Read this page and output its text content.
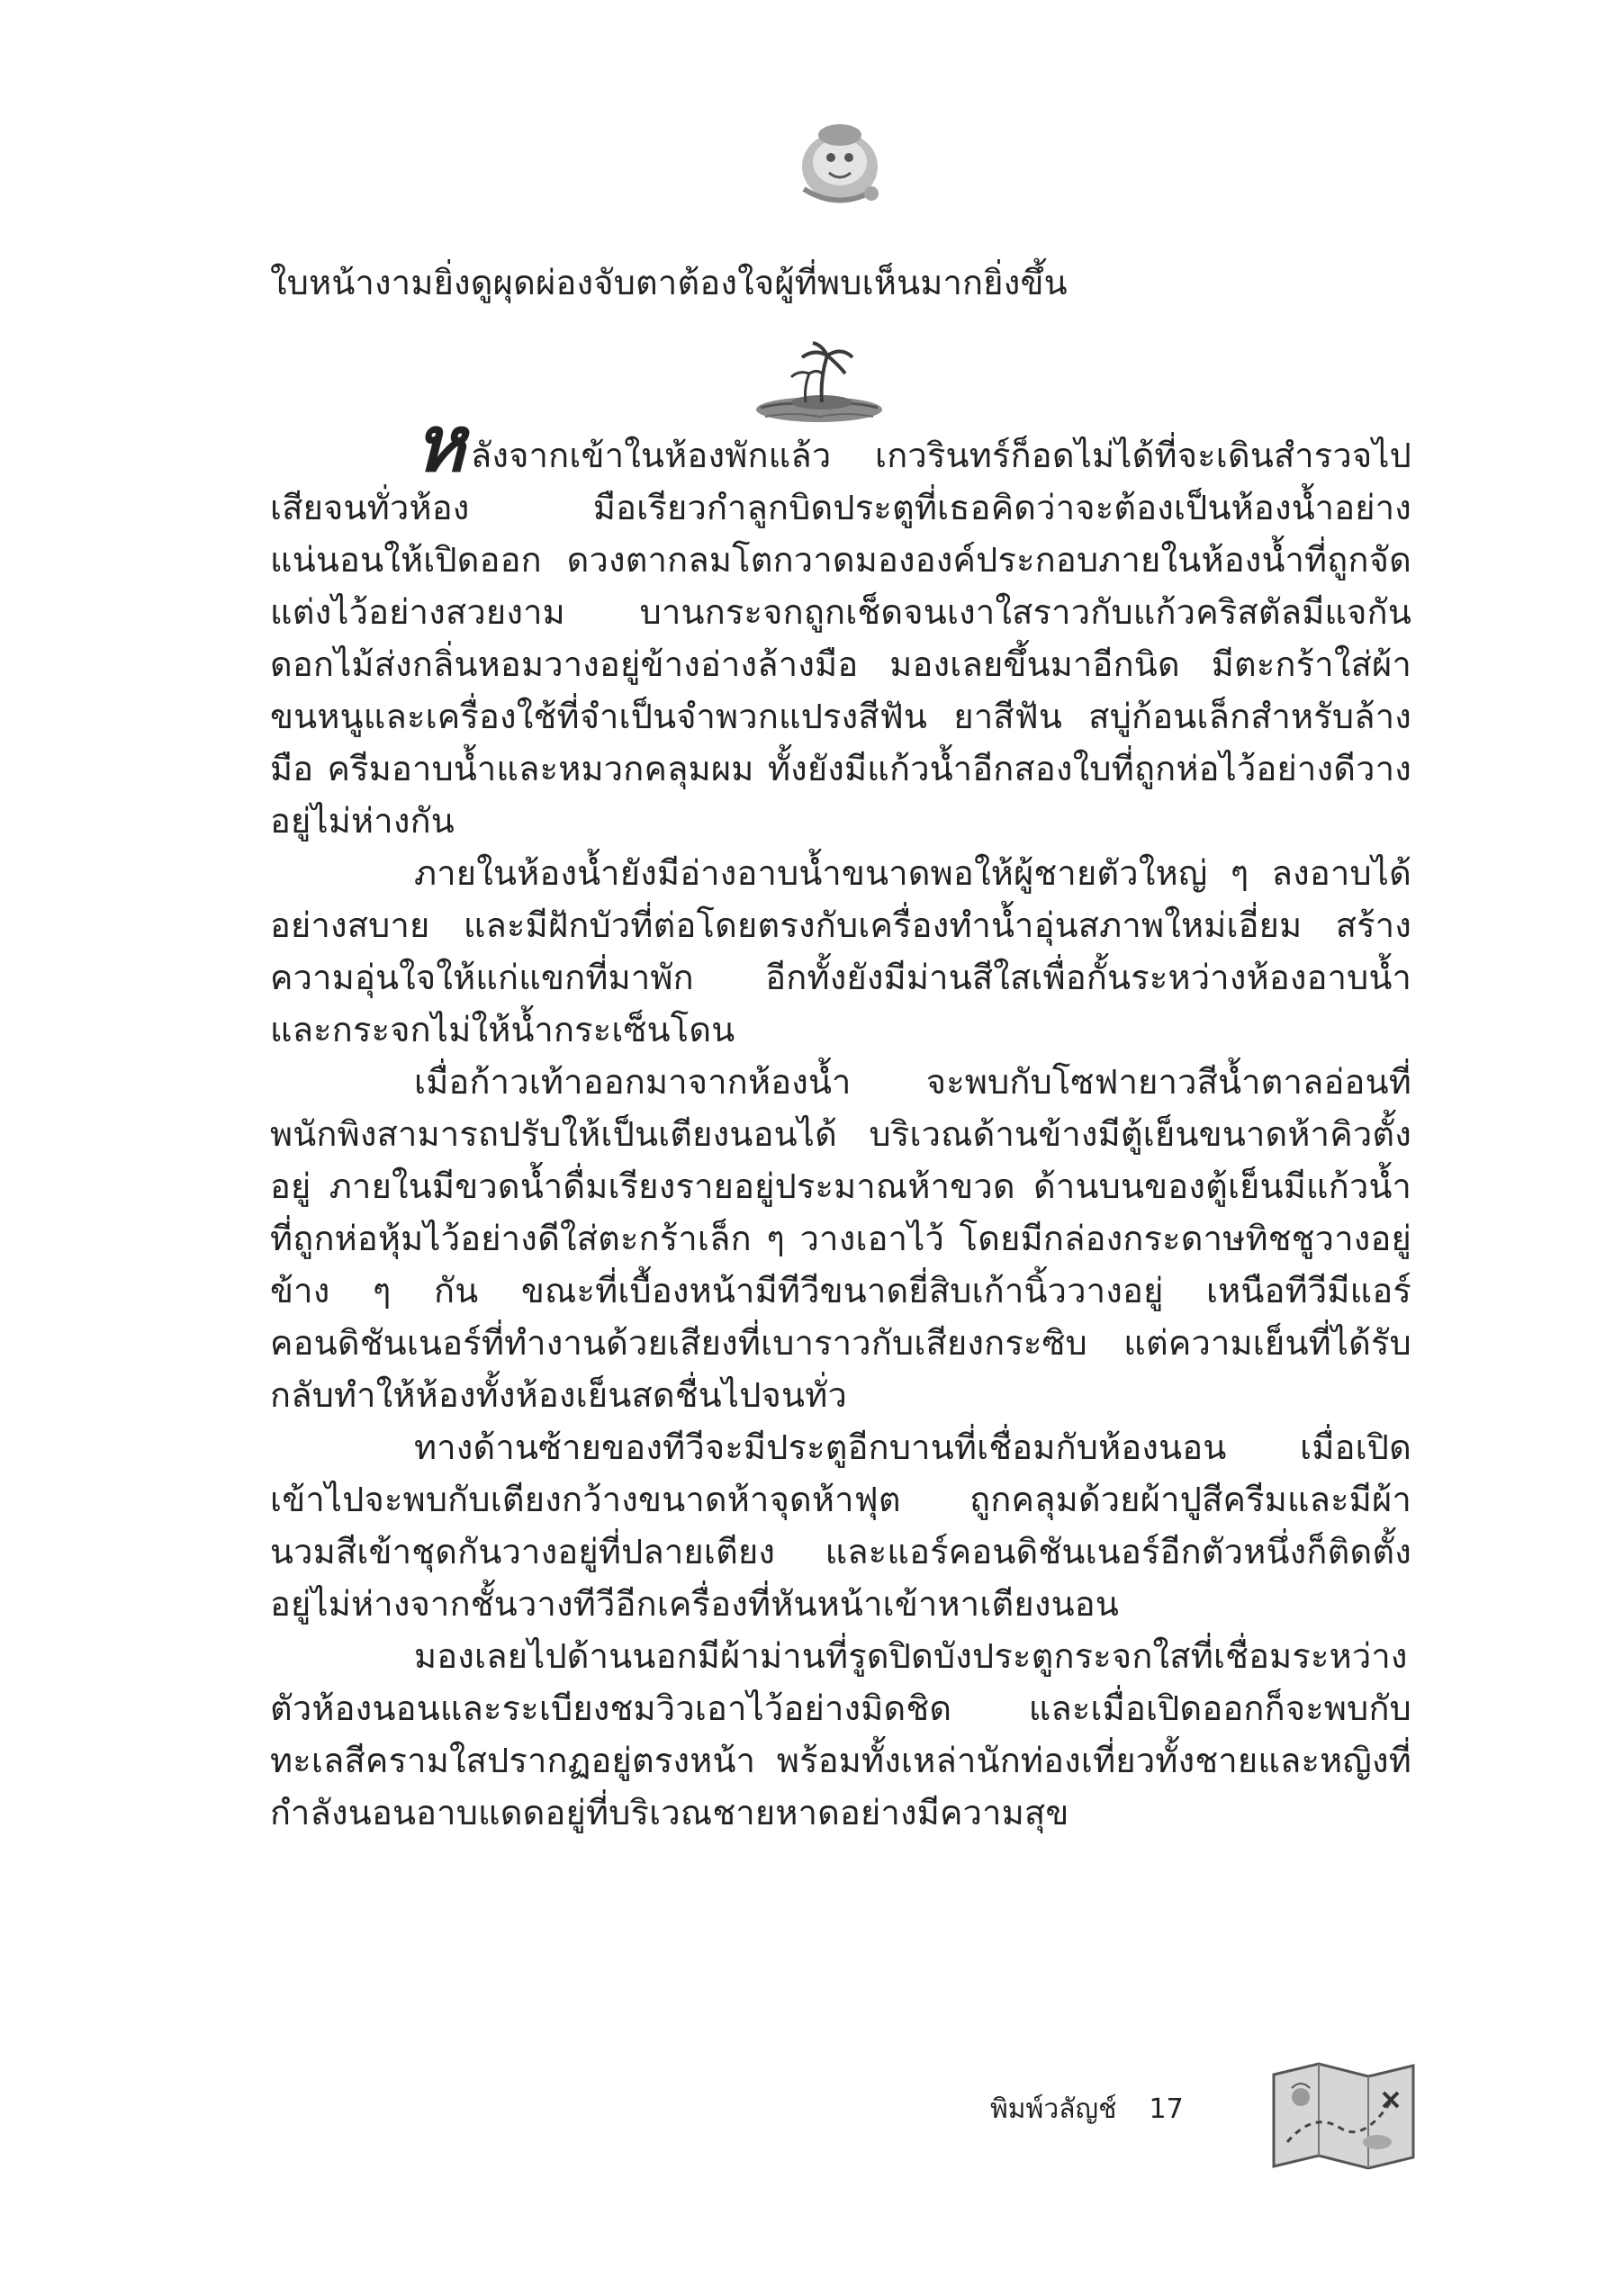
ใบหน้างามยิ่งดูผุดผ่องจับตาต้องใจผู้ที่พบเห็นมากยิ่งขึ้น

หลังจากเข้าในห้องพักแล้ว เกวรินทร์ก็อดไม่ได้ที่จะเดินสำรวจไปเสียจนทั่วห้อง มือเรียวกำลูกบิดประตูที่เธอคิดว่าจะต้องเป็นห้องน้ำอย่างแน่นอนให้เปิดออก ดวงตากลมโตกวาดมององค์ประกอบภายในห้องน้ำที่ถูกจัดแต่งไว้อย่างสวยงาม บานกระจกถูกเช็ดจนเงาใสราวกับแก้วคริสตัลมีแจกันดอกไม้ส่งกลิ่นหอมวางอยู่ข้างอ่างล้างมือ มองเลยขึ้นมาอีกนิด มีตะกร้าใส่ผ้าขนหนูและเครื่องใช้ที่จำเป็นจำพวกแปรงสีฟัน ยาสีฟัน สบู่ก้อนเล็กสำหรับล้างมือ ครีมอาบน้ำและหมวกคลุมผม ทั้งยังมีแก้วน้ำอีกสองใบที่ถูกห่อไว้อย่างดีวางอยู่ไม่ห่างกัน

ภายในห้องน้ำยังมีอ่างอาบน้ำขนาดพอให้ผู้ชายตัวใหญ่ ๆ ลงอาบได้อย่างสบาย และมีฝักบัวที่ต่อโดยตรงกับเครื่องทำน้ำอุ่นสภาพใหม่เอี่ยม สร้างความอุ่นใจให้แก่แขกที่มาพัก อีกทั้งยังมีม่านสีใสเพื่อกั้นระหว่างห้องอาบน้ำและกระจกไม่ให้น้ำกระเซ็นโดน

เมื่อก้าวเท้าออกมาจากห้องน้ำ จะพบกับโซฟายาวสีน้ำตาลอ่อนที่พนักพิงสามารถปรับให้เป็นเตียงนอนได้ บริเวณด้านข้างมีตู้เย็นขนาดห้าคิวตั้งอยู่ ภายในมีขวดน้ำดื่มเรียงรายอยู่ประมาณห้าขวด ด้านบนของตู้เย็นมีแก้วน้ำที่ถูกห่อหุ้มไว้อย่างดีใส่ตะกร้าเล็ก ๆ วางเอาไว้ โดยมีกล่องกระดาษทิชชูวางอยู่ข้าง ๆ กัน ขณะที่เบื้องหน้ามีทีวีขนาดยี่สิบเก้านิ้ววางอยู่ เหนือทีวีมีแอร์คอนดิชันเนอร์ที่ทำงานด้วยเสียงที่เบาราวกับเสียงกระซิบ แต่ความเย็นที่ได้รับกลับทำให้ห้องทั้งห้องเย็นสดชื่นไปจนทั่ว

ทางด้านซ้ายของทีวีจะมีประตูอีกบานที่เชื่อมกับห้องนอน เมื่อเปิดเข้าไปจะพบกับเตียงกว้างขนาดห้าจุดห้าฟุต ถูกคลุมด้วยผ้าปูสีครีมและมีผ้านวมสีเข้าชุดกันวางอยู่ที่ปลายเตียง และแอร์คอนดิชันเนอร์อีกตัวหนึ่งก็ติดตั้งอยู่ไม่ห่างจากชั้นวางทีวีอีกเครื่องที่หันหน้าเข้าหาเตียงนอน

มองเลยไปด้านนอกมีผ้าม่านที่รูดปิดบังประตูกระจกใสที่เชื่อมระหว่างตัวห้องนอนและระเบียงชมวิวเอาไว้อย่างมิดชิด และเมื่อเปิดออกก็จะพบกับทะเลสีครามใสปรากฏอยู่ตรงหน้า พร้อมทั้งเหล่านักท่องเที่ยวทั้งชายและหญิงที่กำลังนอนอาบแดดอยู่ที่บริเวณชายหาดอย่างมีความสุข

พิมพ์วลัญช์ 17
